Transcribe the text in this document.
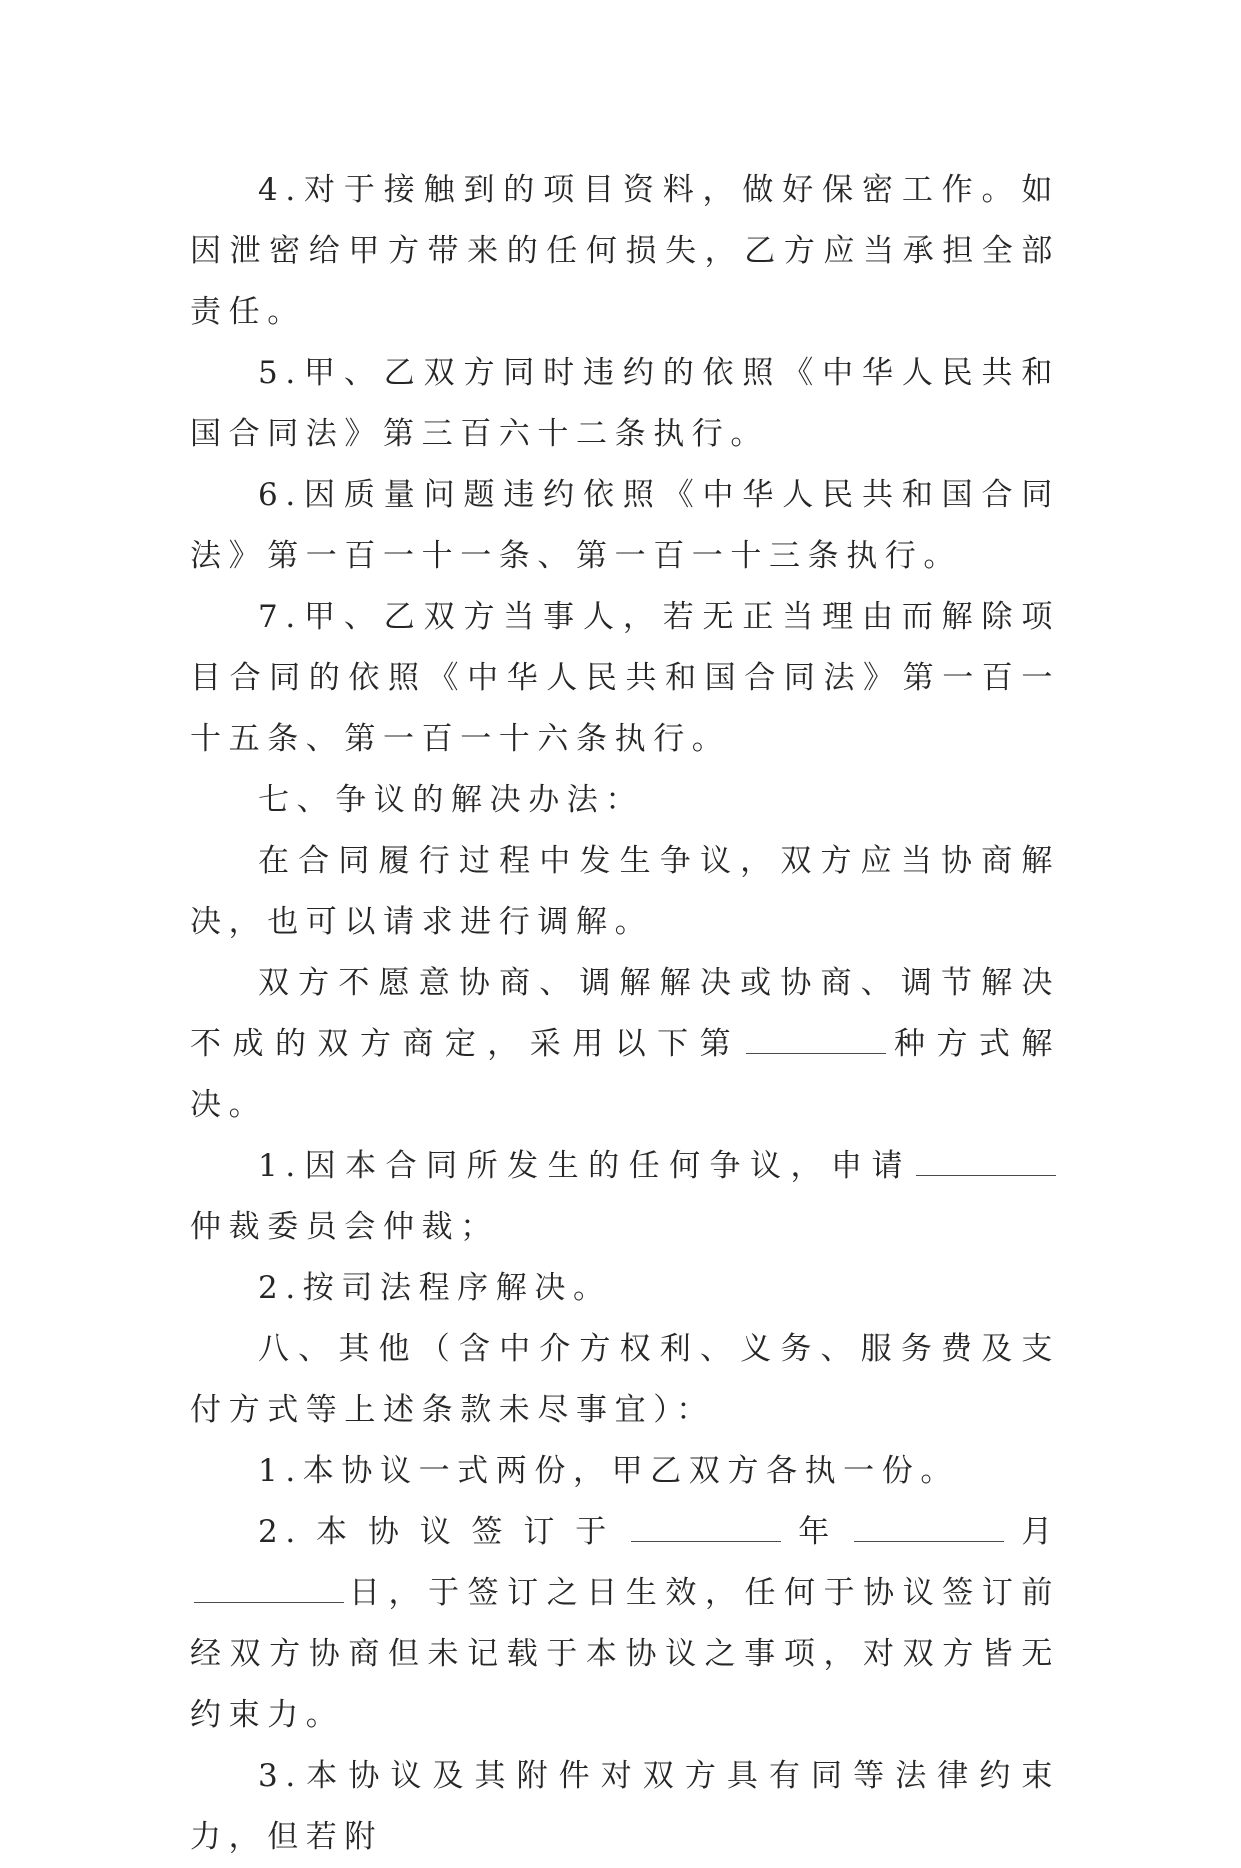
4.对于接触到的项目资料，做好保密工作。如因泄密给甲方带来的任何损失，乙方应当承担全部责任。

5.甲、乙双方同时违约的依照《中华人民共和国合同法》第三百六十二条执行。

6.因质量问题违约依照《中华人民共和国合同法》第一百一十一条、第一百一十三条执行。

7.甲、乙双方当事人，若无正当理由而解除项目合同的依照《中华人民共和国合同法》第一百一十五条、第一百一十六条执行。

七、争议的解决办法：

在合同履行过程中发生争议，双方应当协商解决，也可以请求进行调解。

双方不愿意协商、调解解决或协商、调节解决不成的双方商定，采用以下第	种方式解决。

1.因本合同所发生的任何争议，申请仲裁委员会仲裁；

2.按司法程序解决。

八、其他（含中介方权利、义务、服务费及支付方式等上述条款未尽事宜）：

1.本协议一式两份，甲乙双方各执一份。

2.本协议签订于	年	月日，于签订之日生效，任何于协议签订前经双方协商但未记载于本协议之事项，对双方皆无约束力。

3.本协议及其附件对双方具有同等法律约束力，但若附
